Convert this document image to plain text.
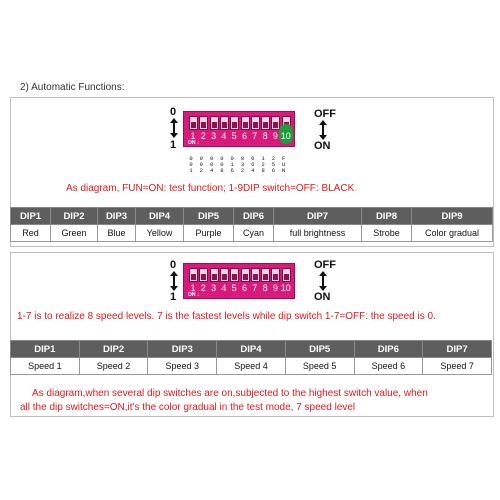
2) Automatic Functions:
0
1
1 2 3 4 5 6 7 8 9 10
ON ↓
OFF
ON
0
0
1
0
0
2
0
0
4
0
0
8
0
1
6
0
3
2
0
6
4
1
2
8
2
5
6
F
U
N
As diagram, FUN=ON: test function; 1-9DIP switch=OFF: BLACK
DIP1	DIP2	DIP3	DIP4	DIP5	DIP6	DIP7	DIP8	DIP9
Red	Green	Blue	Yellow	Purple	Cyan	full brightness	Strobe	Color gradual
0
1
1 2 3 4 5 6 7 8 9 10
ON ↓
OFF
ON
1-7 is to realize 8 speed levels. 7 is the fastest levels while dip switch 1-7=OFF: the speed is 0.
DIP1	DIP2	DIP3	DIP4	DIP5	DIP6	DIP7
Speed 1	Speed 2	Speed 3	Speed 4	Speed 5	Speed 6	Speed 7
As diagram,when several dip switches are on,subjected to the highest switch value, when
all the dip switches=ON,it's the color gradual in the test mode, 7 speed level
